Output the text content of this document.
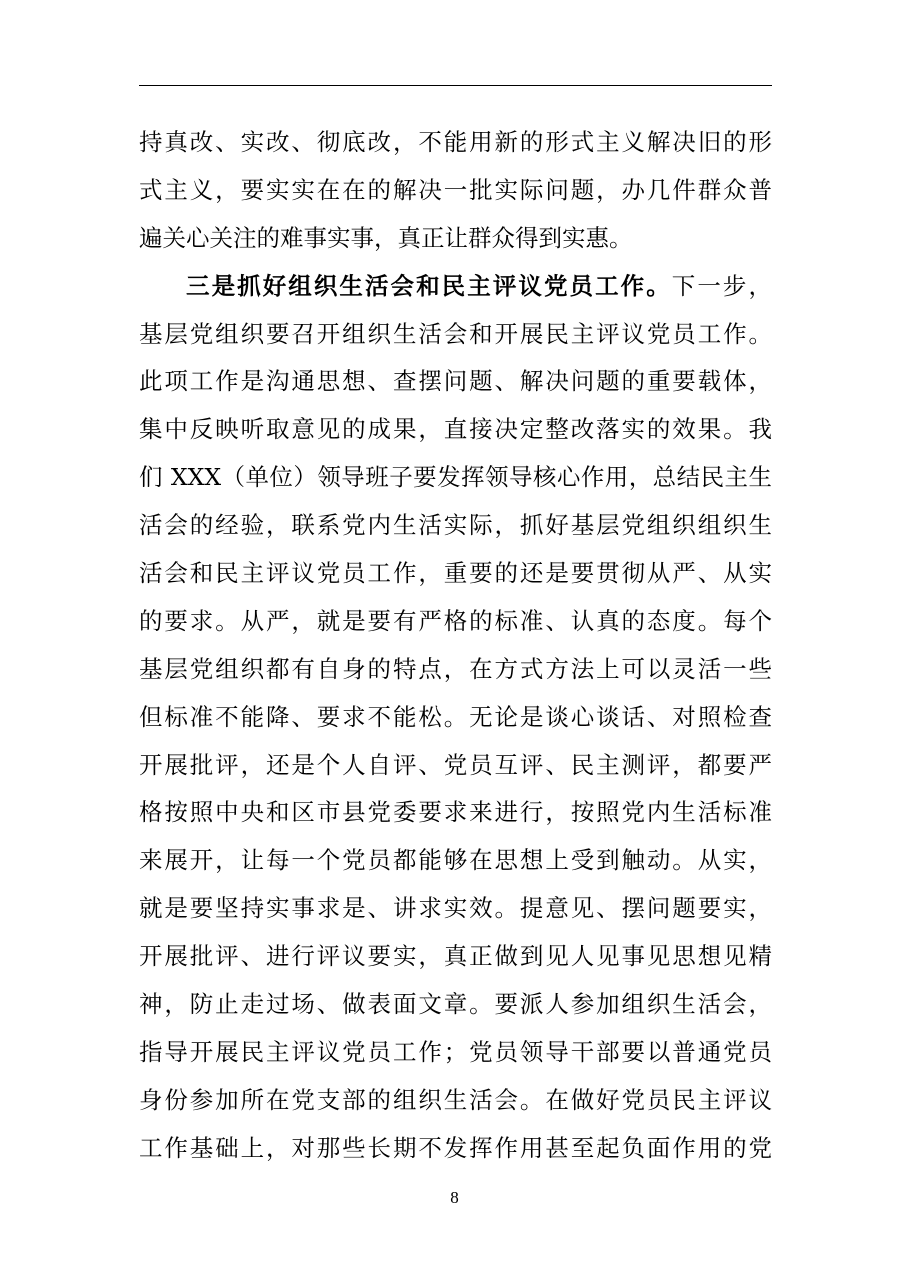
持真改、实改、彻底改，不能用新的形式主义解决旧的形
式主义，要实实在在的解决一批实际问题，办几件群众普
遍关心关注的难事实事，真正让群众得到实惠。
三是抓好组织生活会和民主评议党员工作。下一步，
基层党组织要召开组织生活会和开展民主评议党员工作。
此项工作是沟通思想、查摆问题、解决问题的重要载体，
集中反映听取意见的成果，直接决定整改落实的效果。我
们 XXX（单位）领导班子要发挥领导核心作用，总结民主生
活会的经验，联系党内生活实际，抓好基层党组织组织生
活会和民主评议党员工作，重要的还是要贯彻从严、从实
的要求。从严，就是要有严格的标准、认真的态度。每个
基层党组织都有自身的特点，在方式方法上可以灵活一些
但标准不能降、要求不能松。无论是谈心谈话、对照检查
开展批评，还是个人自评、党员互评、民主测评，都要严
格按照中央和区市县党委要求来进行，按照党内生活标准
来展开，让每一个党员都能够在思想上受到触动。从实，
就是要坚持实事求是、讲求实效。提意见、摆问题要实，
开展批评、进行评议要实，真正做到见人见事见思想见精
神，防止走过场、做表面文章。要派人参加组织生活会，
指导开展民主评议党员工作；党员领导干部要以普通党员
身份参加所在党支部的组织生活会。在做好党员民主评议
工作基础上，对那些长期不发挥作用甚至起负面作用的党
8
